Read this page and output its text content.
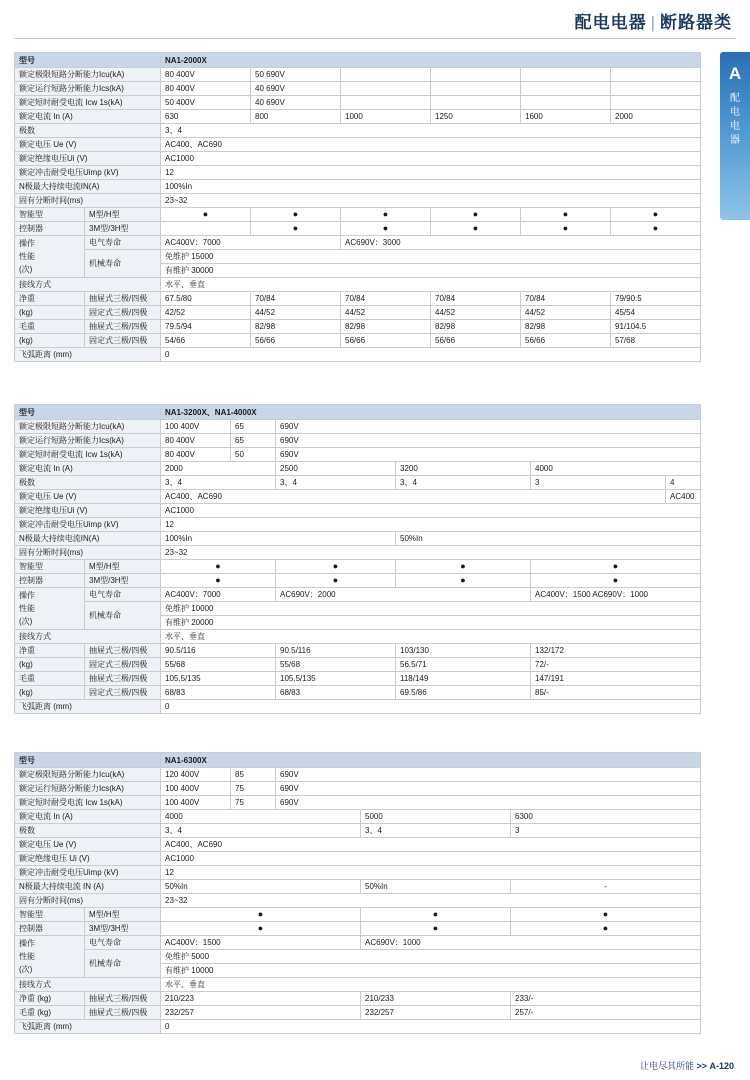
配电电器 | 断路器类
A
配
电
电
器
型号		NA1-2000X					
额定极限短路分断能力Icu(kA)		80 400V	50 690V				
额定运行短路分断能力Ics(kA)		80 400V	40 690V				
额定短时耐受电流 Icw 1s(kA)		50 400V	40 690V				
额定电流 In (A)		630	800	1000	1250	1600	2000
极数		3、4					
额定电压 Ue (V)		AC400、AC690					
额定绝缘电压Ui (V)		AC1000					
额定冲击耐受电压Uimp (kV)		12					
N极最大持续电流IN(A)		100%In					
固有分断时间(ms)		23~32					
智能型	M型/H型	●	●	●	●	●	●

控制器	3M型/3H型		●	●	●	●	●

操作
性能
(次)	电气寿命	AC400V：7000		AC690V：3000			
	机械寿命	免维护 15000					
		有维护 30000					
接线方式		水平、垂直					
净重	抽屉式三极/四极	67.5/80	70/84	70/84	70/84	70/84	79/90.5
(kg)	固定式三极/四极	42/52	44/52	44/52	44/52	44/52	45/54
毛重	抽屉式三极/四极	79.5/94	82/98	82/98	82/98	82/98	91/104.5
(kg)	固定式三极/四极	54/66	56/66	56/66	56/66	56/66	57/68
飞弧距离 (mm)		0					
型号		NA1-3200X、NA1-4000X					
额定极限短路分断能力Icu(kA)		100 400V	65	690V			
额定运行短路分断能力Ics(kA)		80 400V	65	690V			
额定短时耐受电流 Icw 1s(kA)		80 400V	50	690V			
额定电流 In (A)		2000		2500	3200	4000	
极数		3、4		3、4	3、4	3	4
额定电压 Ue (V)		AC400、AC690					AC400
额定绝缘电压Ui (V)		AC1000					
额定冲击耐受电压Uimp (kV)		12					
N极最大持续电流IN(A)		100%In			50%In		
固有分断时间(ms)		23~32					
智能型	M型/H型	●		●	●	●	

控制器	3M型/3H型	●		●	●	●	

操作
性能
(次)	电气寿命	AC400V：7000		AC690V：2000		AC400V：1500 AC690V：1000	
	机械寿命	免维护 10000					
		有维护 20000					
接线方式		水平、垂直					
净重	抽屉式三极/四极	90.5/116		90.5/116	103/130	132/172	
(kg)	固定式三极/四极	55/68		55/68	56.5/71	72/-	
毛重	抽屉式三极/四极	105.5/135		105.5/135	118/149	147/191	
(kg)	固定式三极/四极	68/83		68/83	69.5/86	85/-	
飞弧距离 (mm)		0					
型号		NA1-6300X				
额定极限短路分断能力Icu(kA)		120 400V	85	690V		
额定运行短路分断能力Ics(kA)		100 400V	75	690V		
额定短时耐受电流 Icw 1s(kA)		100 400V	75	690V		
额定电流 In (A)		4000			5000	6300
极数		3、4			3、4	3
额定电压 Ue (V)		AC400、AC690				
额定绝缘电压 Ui (V)		AC1000				
额定冲击耐受电压Uimp (kV)		12				
N极最大持续电流 IN (A)		50%In			50%In	-
固有分断时间(ms)		23~32				
智能型	M型/H型	●			●	●

控制器	3M型/3H型	●			●	●

操作
性能
(次)	电气寿命	AC400V：1500			AC690V：1000	
	机械寿命	免维护 5000				
		有维护 10000				
接线方式		水平、垂直				
净重 (kg)	抽屉式三极/四极	210/223			210/233	233/-
毛重 (kg)	抽屉式三极/四极	232/257			232/257	257/-
飞弧距离 (mm)		0				
让电尽其所能 >> A-120
